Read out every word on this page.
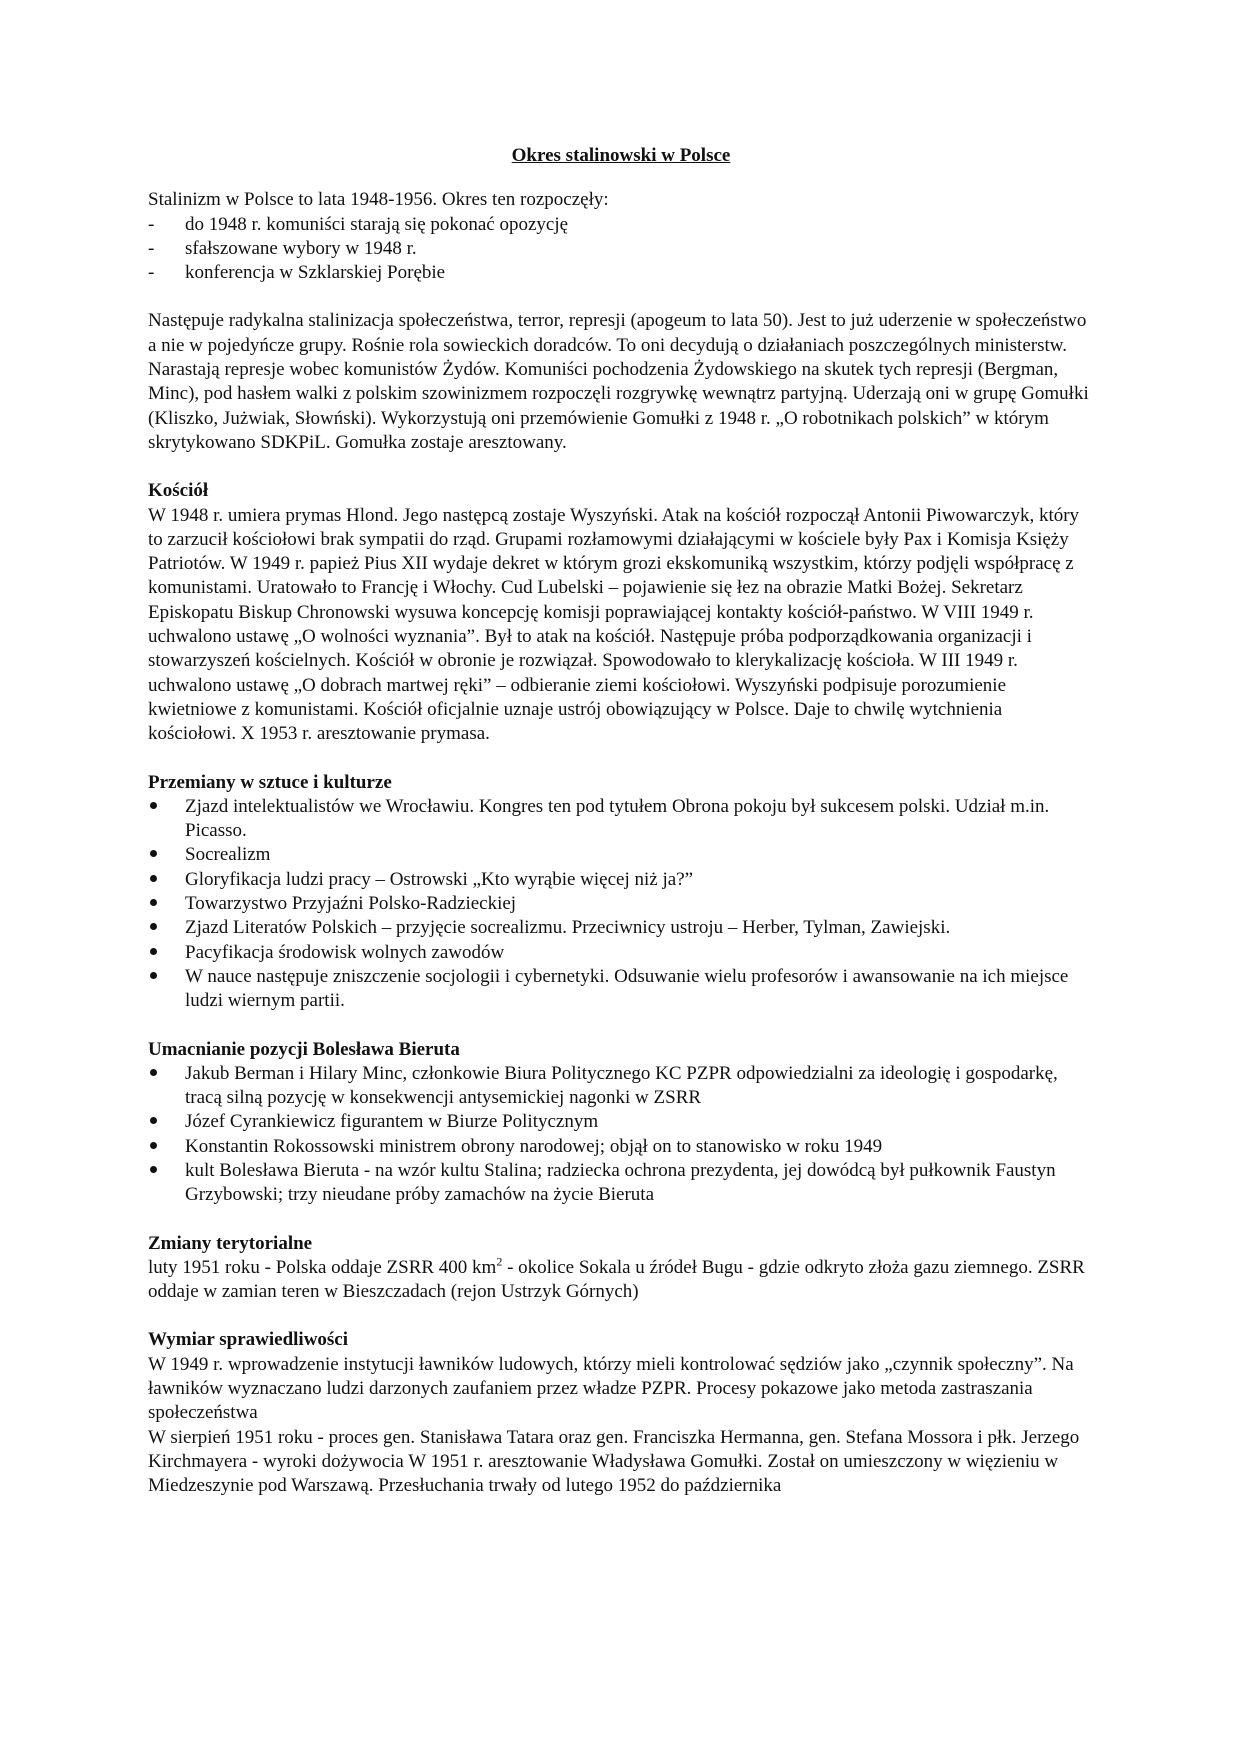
Okres stalinowski w Polsce

Stalinizm w Polsce to lata 1948-1956. Okres ten rozpoczęły:

-
do 1948 r. komuniści starają się pokonać opozycję
-
sfałszowane wybory w 1948 r.
-
konferencja w Szklarskiej Porębie

Następuje radykalna stalinizacja społeczeństwa, terror, represji (apogeum to lata 50). Jest to już uderzenie w społeczeństwo a nie w pojedyńcze grupy. Rośnie rola sowieckich doradców. To oni decydują o działaniach poszczególnych ministerstw. Narastają represje wobec komunistów Żydów. Komuniści pochodzenia Żydowskiego na skutek tych represji (Bergman, Minc), pod hasłem walki z polskim szowinizmem rozpoczęli rozgrywkę wewnątrz partyjną. Uderzają oni w grupę Gomułki (Kliszko, Jużwiak, Słowński). Wykorzystują oni przemówienie Gomułki z 1948 r. „O robotnikach polskich” w którym skrytykowano SDKPiL. Gomułka zostaje aresztowany.

Kościół

W 1948 r. umiera prymas Hlond. Jego następcą zostaje Wyszyński. Atak na kościół rozpoczął Antonii Piwowarczyk, który to zarzucił kościołowi brak sympatii do rząd. Grupami rozłamowymi działającymi w kościele były Pax i Komisja Księży Patriotów. W 1949 r. papież Pius XII wydaje dekret w którym grozi ekskomuniką wszystkim, którzy podjęli współpracę z komunistami. Uratowało to Francję i Włochy. Cud Lubelski – pojawienie się łez na obrazie Matki Bożej. Sekretarz Episkopatu Biskup Chronowski wysuwa koncepcję komisji poprawiającej kontakty kościół-państwo. W VIII 1949 r. uchwalono ustawę „O wolności wyznania”. Był to atak na kościół. Następuje próba podporządkowania organizacji i stowarzyszeń kościelnych. Kościół w obronie je rozwiązał. Spowodowało to klerykalizację kościoła. W III 1949 r. uchwalono ustawę „O dobrach martwej ręki” – odbieranie ziemi kościołowi. Wyszyński podpisuje porozumienie kwietniowe z komunistami. Kościół oficjalnie uznaje ustrój obowiązujący w Polsce. Daje to chwilę wytchnienia kościołowi. X 1953 r. aresztowanie prymasa.

Przemiany w sztuce i kulturze

Zjazd intelektualistów we Wrocławiu. Kongres ten pod tytułem Obrona pokoju był sukcesem polski. Udział m.in. Picasso.
Socrealizm
Gloryfikacja ludzi pracy – Ostrowski „Kto wyrąbie więcej niż ja?”
Towarzystwo Przyjaźni Polsko-Radzieckiej
Zjazd Literatów Polskich – przyjęcie socrealizmu. Przeciwnicy ustroju – Herber, Tylman, Zawiejski.
Pacyfikacja środowisk wolnych zawodów
W nauce następuje zniszczenie socjologii i cybernetyki. Odsuwanie wielu profesorów i awansowanie na ich miejsce ludzi wiernym partii.

Umacnianie pozycji Bolesława Bieruta

Jakub Berman i Hilary Minc, członkowie Biura Politycznego KC PZPR odpowiedzialni za ideologię i gospodarkę, tracą silną pozycję w konsekwencji antysemickiej nagonki w ZSRR
Józef Cyrankiewicz figurantem w Biurze Politycznym
Konstantin Rokossowski ministrem obrony narodowej; objął on to stanowisko w roku 1949
kult Bolesława Bieruta - na wzór kultu Stalina; radziecka ochrona prezydenta, jej dowódcą był pułkownik Faustyn Grzybowski; trzy nieudane próby zamachów na życie Bieruta

Zmiany terytorialne

luty 1951 roku - Polska oddaje ZSRR 400 $km^2$ - okolice Sokala u źródeł Bugu - gdzie odkryto złoża gazu ziemnego. ZSRR oddaje w zamian teren w Bieszczadach (rejon Ustrzyk Górnych)

Wymiar sprawiedliwości

W 1949 r. wprowadzenie instytucji ławników ludowych, którzy mieli kontrolować sędziów jako „czynnik społeczny”. Na ławników wyznaczano ludzi darzonych zaufaniem przez władze PZPR. Procesy pokazowe jako metoda zastraszania społeczeństwa

W sierpień 1951 roku - proces gen. Stanisława Tatara oraz gen. Franciszka Hermanna, gen. Stefana Mossora i płk. Jerzego Kirchmayera - wyroki dożywocia W 1951 r. aresztowanie Władysława Gomułki. Został on umieszczony w więzieniu w Miedzeszynie pod Warszawą. Przesłuchania trwały od lutego 1952 do października
